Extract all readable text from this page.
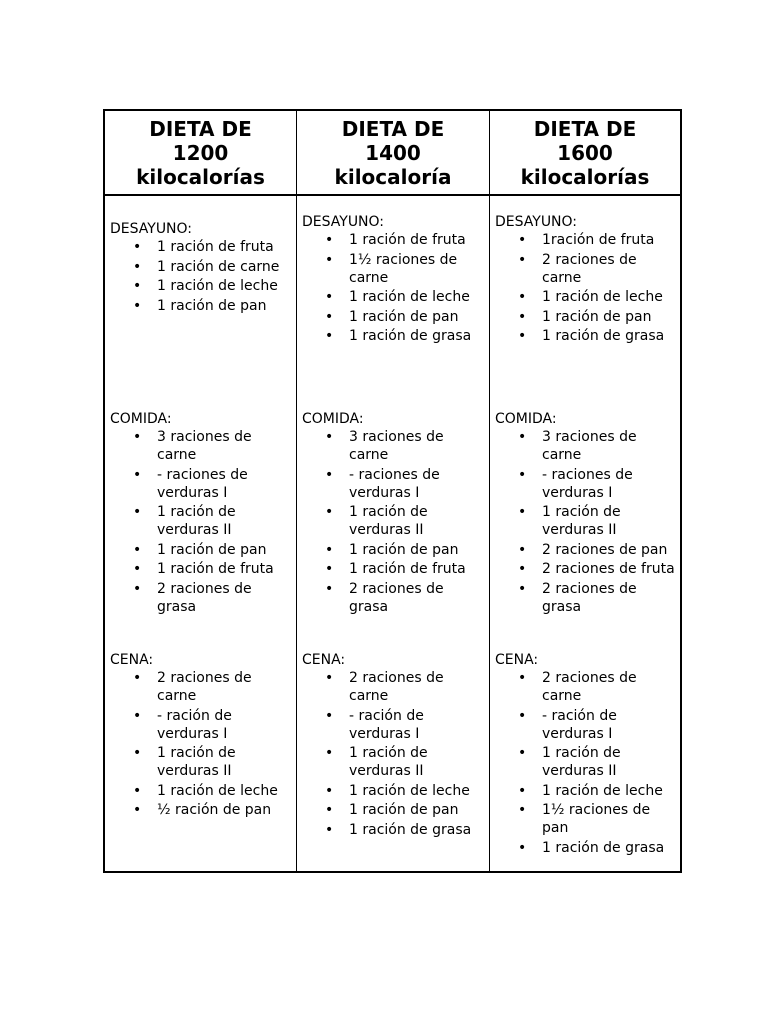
DIETA DE
1200
kilocalorías
DIETA DE
1400
kilocaloría
DIETA DE
1600
kilocalorías
DESAYUNO:
• 1 ración de fruta
• 1 ración de carne
• 1 ración de leche
• 1 ración de pan
COMIDA:
• 3 raciones de carne
• - raciones de verduras I
• 1 ración de verduras II
• 1 ración de pan
• 1 ración de fruta
• 2 raciones de grasa
CENA:
• 2 raciones de carne
• - ración de verduras I
• 1 ración de verduras II
• 1 ración de leche
• ½ ración de pan
DESAYUNO:
• 1 ración de fruta
• 1½ raciones de carne
• 1 ración de leche
• 1 ración de pan
• 1 ración de grasa
COMIDA:
• 3 raciones de carne
• - raciones de verduras I
• 1 ración de verduras II
• 1 ración de pan
• 1 ración de fruta
• 2 raciones de grasa
CENA:
• 2 raciones de carne
• - ración de verduras I
• 1 ración de verduras II
• 1 ración de leche
• 1 ración de pan
• 1 ración de grasa
DESAYUNO:
• 1ración de fruta
• 2 raciones de carne
• 1 ración de leche
• 1 ración de pan
• 1 ración de grasa
COMIDA:
• 3 raciones de carne
• - raciones de verduras I
• 1 ración de verduras II
• 2 raciones de pan
• 2 raciones de fruta
• 2 raciones de grasa
CENA:
• 2 raciones de carne
• - ración de verduras I
• 1 ración de verduras II
• 1 ración de leche
• 1½ raciones de pan
• 1 ración de grasa
